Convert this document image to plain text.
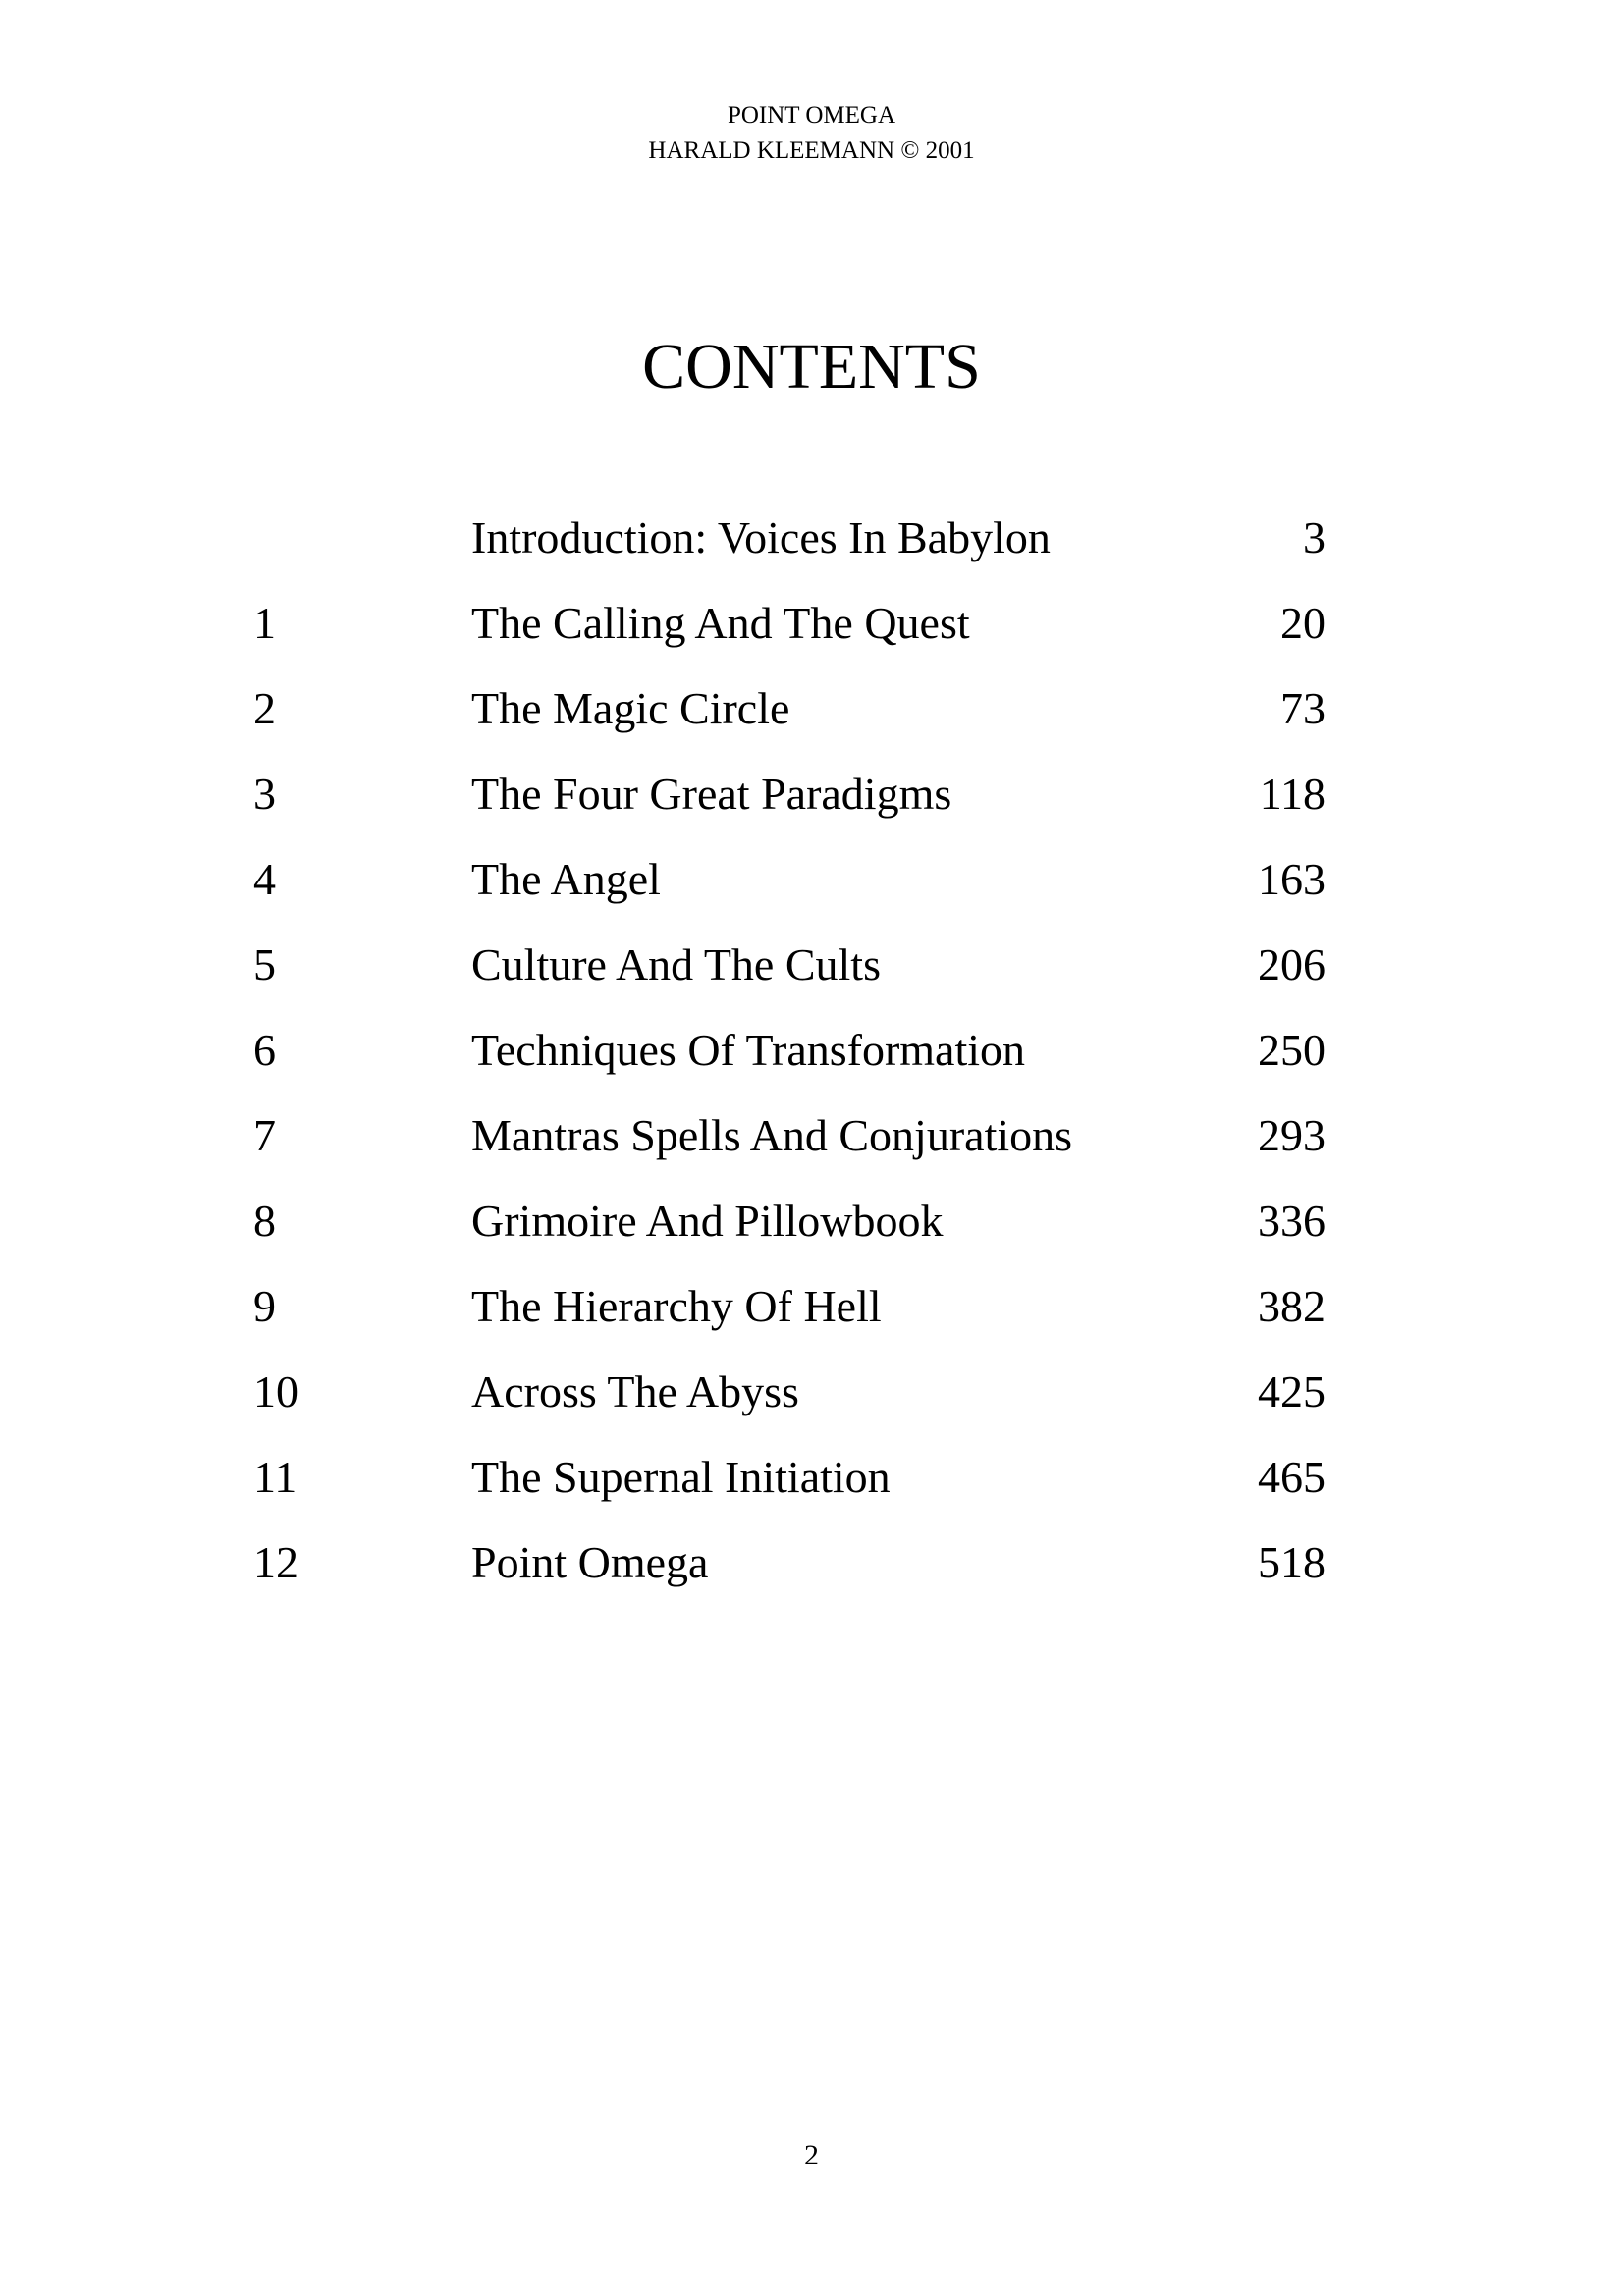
POINT OMEGA
HARALD KLEEMANN © 2001
CONTENTS
Introduction: Voices In Babylon	3
1	The Calling And The Quest	20
2	The Magic Circle	73
3	The Four Great Paradigms	118
4	The Angel	163
5	Culture And The Cults	206
6	Techniques Of Transformation	250
7	Mantras Spells And Conjurations	293
8	Grimoire And Pillowbook	336
9	The Hierarchy Of Hell	382
10	Across The Abyss	425
11	The Supernal Initiation	465
12	Point Omega	518
2
